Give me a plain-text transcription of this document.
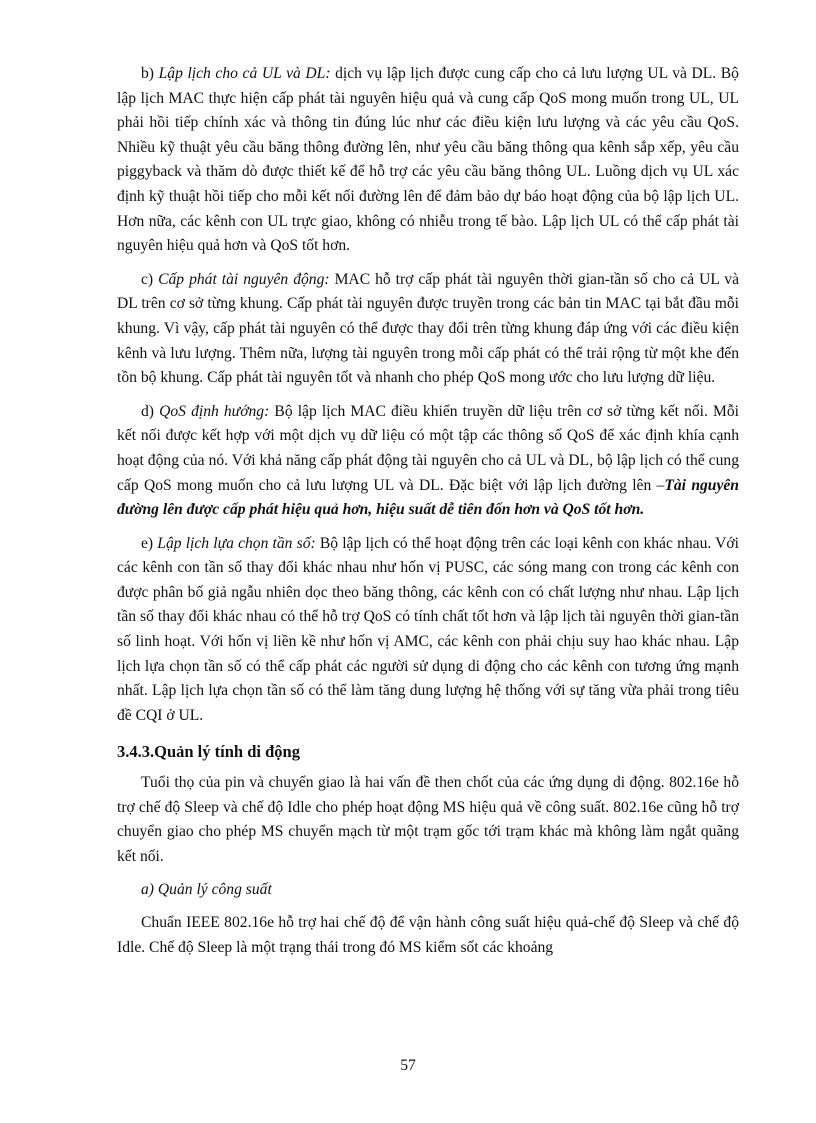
b) Lập lịch cho cả UL và DL: dịch vụ lập lịch được cung cấp cho cả lưu lượng UL và DL. Bộ lập lịch MAC thực hiện cấp phát tài nguyên hiệu quả và cung cấp QoS mong muốn trong UL, UL phải hồi tiếp chính xác và thông tin đúng lúc như các điều kiện lưu lượng và các yêu cầu QoS. Nhiều kỹ thuật yêu cầu băng thông đường lên, như yêu cầu băng thông qua kênh sắp xếp, yêu cầu piggyback và thăm dò được thiết kế để hỗ trợ các yêu cầu băng thông UL. Luồng dịch vụ UL xác định kỹ thuật hồi tiếp cho mỗi kết nối đường lên để đảm bảo dự báo hoạt động của bộ lập lịch UL. Hơn nữa, các kênh con UL trực giao, không có nhiễu trong tế bào. Lập lịch UL có thể cấp phát tài nguyên hiệu quả hơn và QoS tốt hơn.

c) Cấp phát tài nguyên động: MAC hỗ trợ cấp phát tài nguyên thời gian-tần số cho cả UL và DL trên cơ sở từng khung. Cấp phát tài nguyên được truyền trong các bản tin MAC tại bắt đầu mỗi khung. Vì vậy, cấp phát tài nguyên có thể được thay đổi trên từng khung đáp ứng với các điều kiện kênh và lưu lượng. Thêm nữa, lượng tài nguyên trong mỗi cấp phát có thể trải rộng từ một khe đến tồn bộ khung. Cấp phát tài nguyên tốt và nhanh cho phép QoS mong ước cho lưu lượng dữ liệu.

d) QoS định hướng: Bộ lập lịch MAC điều khiển truyền dữ liệu trên cơ sở từng kết nối. Mỗi kết nối được kết hợp với một dịch vụ dữ liệu có một tập các thông số QoS để xác định khía cạnh hoạt động của nó. Với khả năng cấp phát động tài nguyên cho cả UL và DL, bộ lập lịch có thể cung cấp QoS mong muốn cho cả lưu lượng UL và DL. Đặc biệt với lập lịch đường lên –Tài nguyên đường lên được cấp phát hiệu quả hơn, hiệu suất dễ tiên đốn hơn và QoS tốt hơn.

e) Lập lịch lựa chọn tần số: Bộ lập lịch có thể hoạt động trên các loại kênh con khác nhau. Với các kênh con tần số thay đổi khác nhau như hốn vị PUSC, các sóng mang con trong các kênh con được phân bố giả ngẫu nhiên dọc theo băng thông, các kênh con có chất lượng như nhau. Lập lịch tần số thay đổi khác nhau có thể hỗ trợ QoS có tính chất tốt hơn và lập lịch tài nguyên thời gian-tần số linh hoạt. Với hốn vị liền kề như hốn vị AMC, các kênh con phải chịu suy hao khác nhau. Lập lịch lựa chọn tần số có thể cấp phát các người sử dụng di động cho các kênh con tương ứng mạnh nhất. Lập lịch lựa chọn tần số có thể làm tăng dung lượng hệ thống với sự tăng vừa phải trong tiêu đề CQI ở UL.

3.4.3.Quản lý tính di động

Tuổi thọ của pin và chuyển giao là hai vấn đề then chốt của các ứng dụng di động. 802.16e hỗ trợ chế độ Sleep và chế độ Idle cho phép hoạt động MS hiệu quả về công suất. 802.16e cũng hỗ trợ chuyển giao cho phép MS chuyển mạch từ một trạm gốc tới trạm khác mà không làm ngắt quãng kết nối.

a) Quản lý công suất

Chuẩn IEEE 802.16e hỗ trợ hai chế độ để vận hành công suất hiệu quả-chế độ Sleep và chế độ Idle. Chế độ Sleep là một trạng thái trong đó MS kiểm sốt các khoảng

57
